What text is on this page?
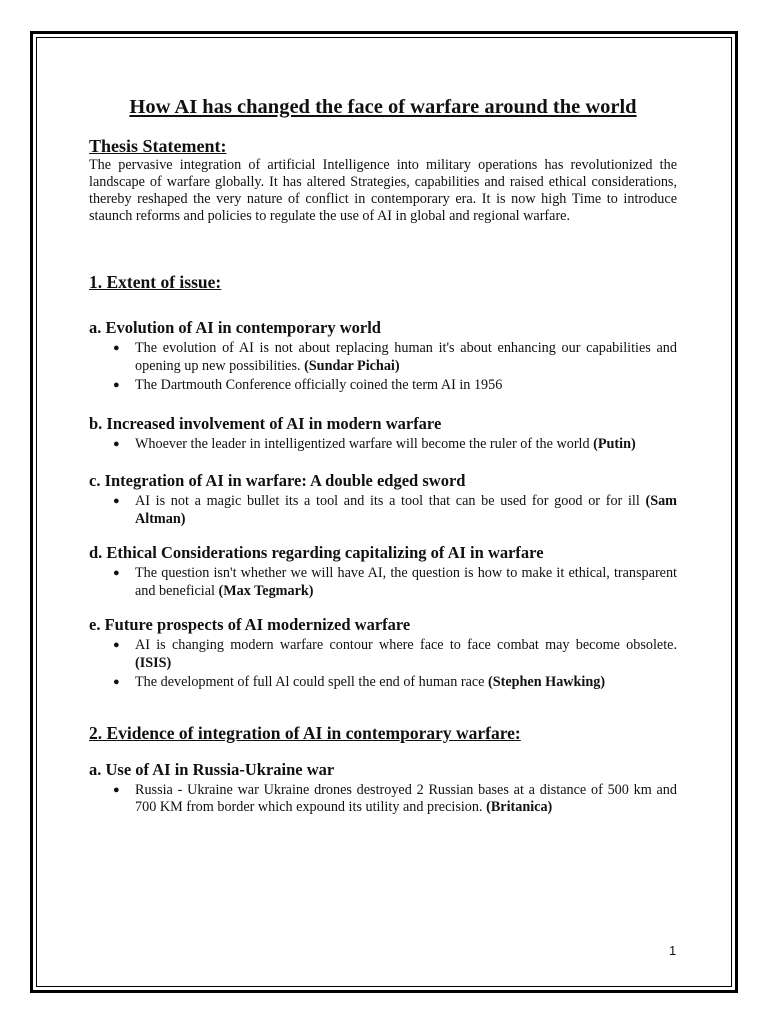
How AI has changed the face of warfare around the world
Thesis Statement:
The pervasive integration of artificial Intelligence into military operations has revolutionized the landscape of warfare globally. It has altered Strategies, capabilities and raised ethical considerations, thereby reshaped the very nature of conflict in contemporary era. It is now high Time to introduce staunch reforms and policies to regulate the use of AI in global and regional warfare.
1. Extent of issue:
a. Evolution of AI in contemporary world
● The evolution of AI is not about replacing human it's about enhancing our capabilities and opening up new possibilities. (Sundar Pichai)
● The Dartmouth Conference officially coined the term AI in 1956
b. Increased involvement of AI in modern warfare
● Whoever the leader in intelligentized warfare will become the ruler of the world (Putin)
c. Integration of AI in warfare: A double edged sword
● AI is not a magic bullet its a tool and its a tool that can be used for good or for ill (Sam Altman)
d. Ethical Considerations regarding capitalizing of AI in warfare
● The question isn't whether we will have AI, the question is how to make it ethical, transparent and beneficial (Max Tegmark)
e. Future prospects of AI modernized warfare
● AI is changing modern warfare contour where face to face combat may become obsolete. (ISIS)
● The development of full Al could spell the end of human race (Stephen Hawking)
2. Evidence of integration of AI in contemporary warfare:
a. Use of AI in Russia-Ukraine war
● Russia - Ukraine war Ukraine drones destroyed 2 Russian bases at a distance of 500 km and 700 KM from border which expound its utility and precision. (Britanica)
1
